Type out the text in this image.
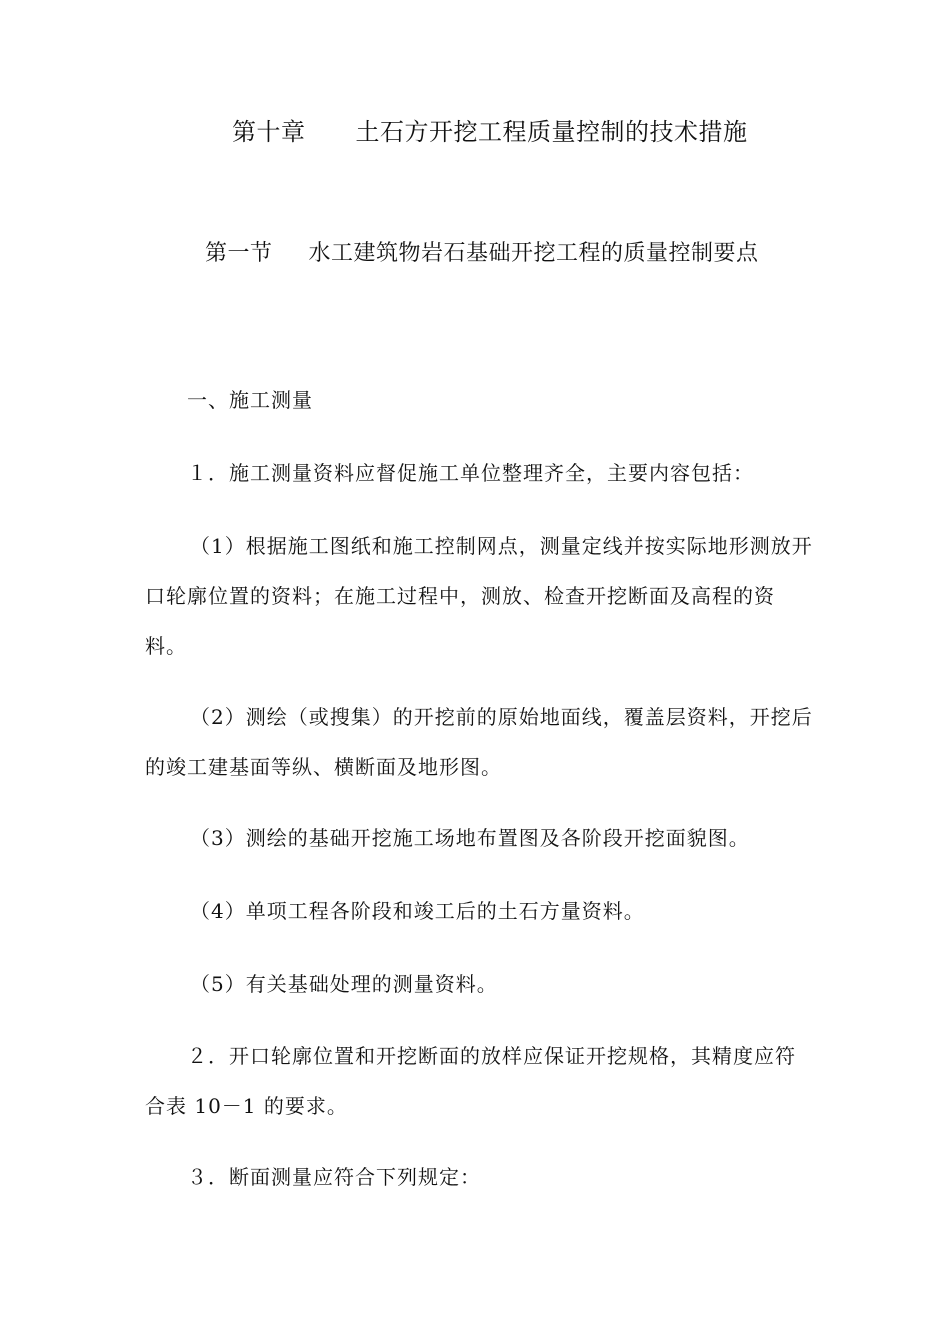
第十章 土石方开挖工程质量控制的技术措施
第一节 水工建筑物岩石基础开挖工程的质量控制要点
一、施工测量
１．施工测量资料应督促施工单位整理齐全，主要内容包括：
（1）根据施工图纸和施工控制网点，测量定线并按实际地形测放开口轮廓位置的资料；在施工过程中，测放、检查开挖断面及高程的资料。
（2）测绘（或搜集）的开挖前的原始地面线，覆盖层资料，开挖后的竣工建基面等纵、横断面及地形图。
（3）测绘的基础开挖施工场地布置图及各阶段开挖面貌图。
（4）单项工程各阶段和竣工后的土石方量资料。
（5）有关基础处理的测量资料。
２．开口轮廓位置和开挖断面的放样应保证开挖规格，其精度应符合表 10－1 的要求。
３．断面测量应符合下列规定：
